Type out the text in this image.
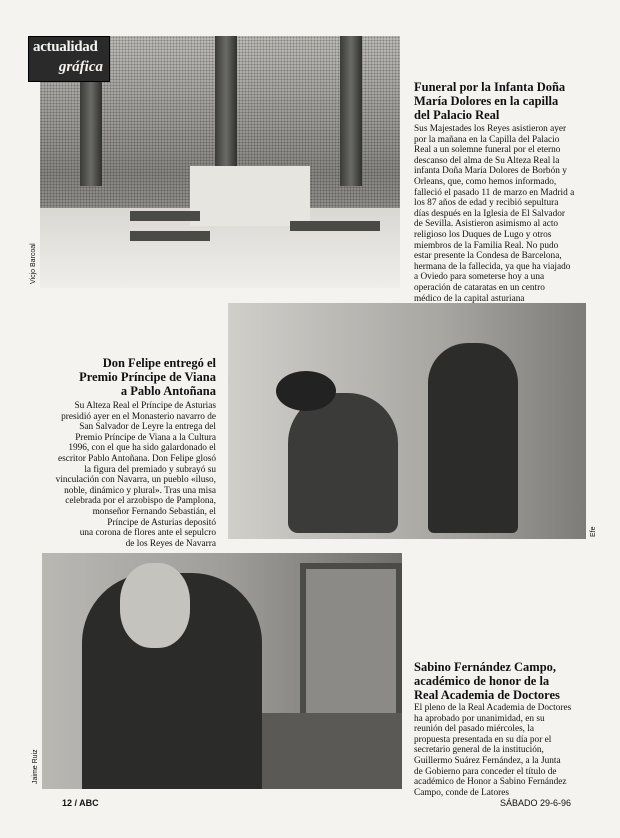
Vicjo Barcoal
actualidad
gráfica
Funeral por la Infanta Doña
María Dolores en la capilla
del Palacio Real
Sus Majestades los Reyes asistieron ayer
por la mañana en la Capilla del Palacio
Real a un solemne funeral por el eterno
descanso del alma de Su Alteza Real la
infanta Doña María Dolores de Borbón y
Orleans, que, como hemos informado,
falleció el pasado 11 de marzo en Madrid a
los 87 años de edad y recibió sepultura
días después en la Iglesia de El Salvador
de Sevilla. Asistieron asimismo al acto
religioso los Duques de Lugo y otros
miembros de la Familia Real. No pudo
estar presente la Condesa de Barcelona,
hermana de la fallecida, ya que ha viajado
a Oviedo para someterse hoy a una
operación de cataratas en un centro
médico de la capital asturiana
Don Felipe entregó el
Premio Príncipe de Viana
a Pablo Antoñana
Su Alteza Real el Príncipe de Asturias
presidió ayer en el Monasterio navarro de
San Salvador de Leyre la entrega del
Premio Príncipe de Viana a la Cultura
1996, con el que ha sido galardonado el
escritor Pablo Antoñana. Don Felipe glosó
la figura del premiado y subrayó su
vinculación con Navarra, un pueblo «iluso,
noble, dinámico y plural». Tras una misa
celebrada por el arzobispo de Pamplona,
monseñor Fernando Sebastián, el
Príncipe de Asturias depositó
una corona de flores ante el sepulcro
de los Reyes de Navarra
Efe
Jaime Ruiz
Sabino Fernández Campo,
académico de honor de la
Real Academia de Doctores
El pleno de la Real Academia de Doctores
ha aprobado por unanimidad, en su
reunión del pasado miércoles, la
propuesta presentada en su día por el
secretario general de la institución,
Guillermo Suárez Fernández, a la Junta
de Gobierno para conceder el título de
académico de Honor a Sabino Fernández
Campo, conde de Latores
12 / ABC	SÁBADO 29-6-96
